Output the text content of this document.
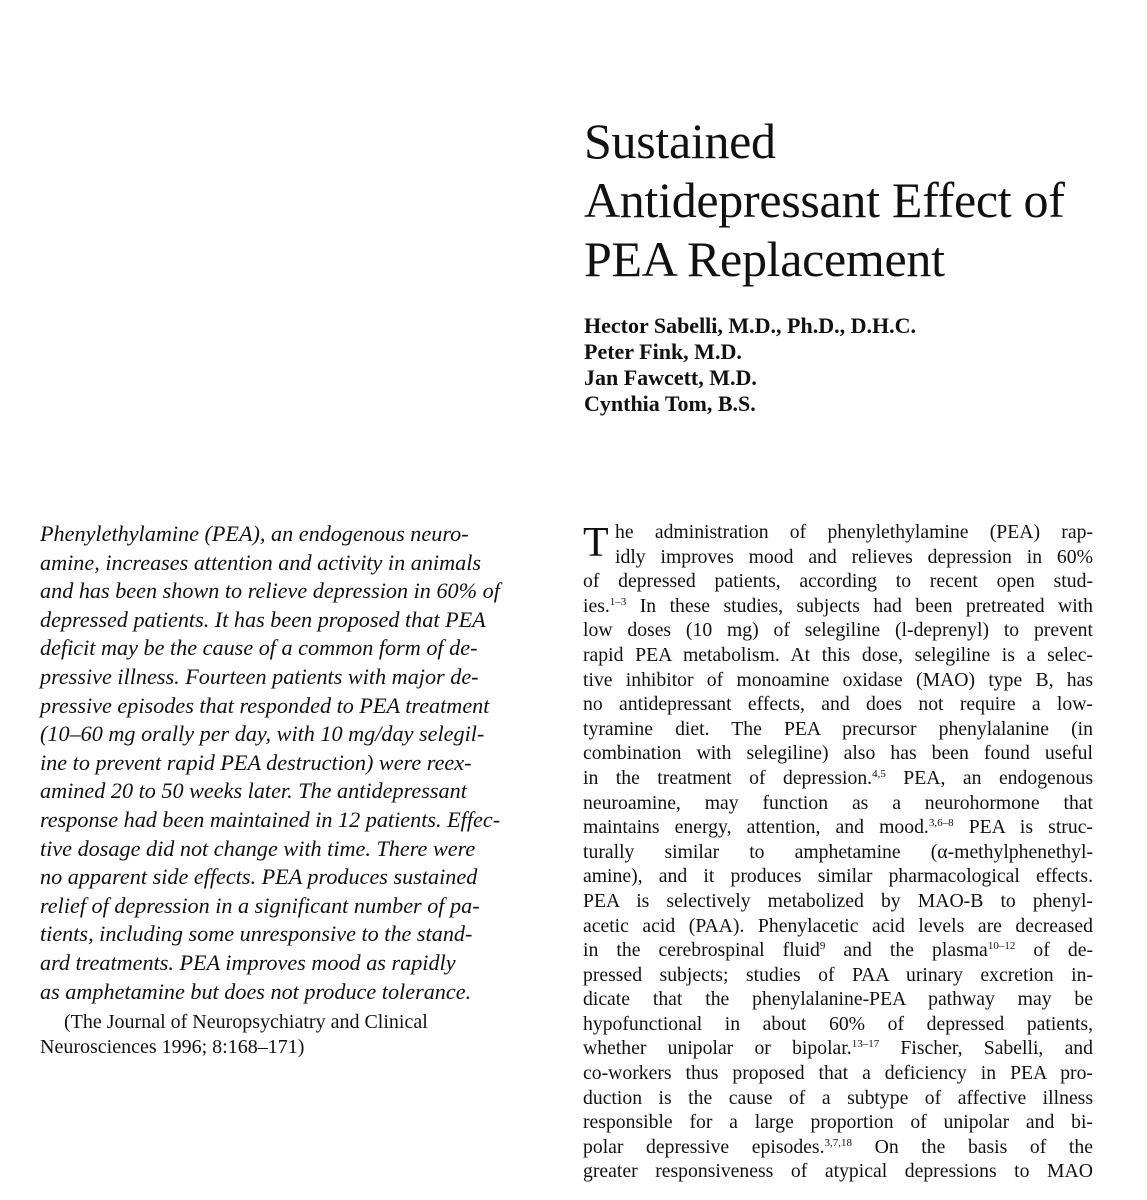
Sustained
Antidepressant Effect of
PEA Replacement
Hector Sabelli, M.D., Ph.D., D.H.C.
Peter Fink, M.D.
Jan Fawcett, M.D.
Cynthia Tom, B.S.

Phenylethylamine (PEA), an endogenous neuro-
amine, increases attention and activity in animals
and has been shown to relieve depression in 60% of
depressed patients. It has been proposed that PEA
deficit may be the cause of a common form of de-
pressive illness. Fourteen patients with major de-
pressive episodes that responded to PEA treatment
(10–60 mg orally per day, with 10 mg/day selegil-
ine to prevent rapid PEA destruction) were reex-
amined 20 to 50 weeks later. The antidepressant
response had been maintained in 12 patients. Effec-
tive dosage did not change with time. There were
no apparent side effects. PEA produces sustained
relief of depression in a significant number of pa-
tients, including some unresponsive to the stand-
ard treatments. PEA improves mood as rapidly
as amphetamine but does not produce tolerance.

(The Journal of Neuropsychiatry and Clinical
Neurosciences 1996; 8:168–171)
T he administration of phenylethylamine (PEA) rap-
idly improves mood and relieves depression in 60%
of depressed patients, according to recent open stud-
ies.$^{1-3}$ In these studies, subjects had been pretreated with
low doses (10 mg) of selegiline (l-deprenyl) to prevent
rapid PEA metabolism. At this dose, selegiline is a selec-
tive inhibitor of monoamine oxidase (MAO) type B, has
no antidepressant effects, and does not require a low-
tyramine diet. The PEA precursor phenylalanine (in
combination with selegiline) also has been found useful
in the treatment of depression.$^{4,5}$ PEA, an endogenous
neuroamine, may function as a neurohormone that
maintains energy, attention, and mood.$^{3,6-8}$ PEA is struc-
turally similar to amphetamine (α-methylphenethyl-
amine), and it produces similar pharmacological effects.
PEA is selectively metabolized by MAO-B to phenyl-
acetic acid (PAA). Phenylacetic acid levels are decreased
in the cerebrospinal fluid$^9$ and the plasma$^{10-12}$ of de-
pressed subjects; studies of PAA urinary excretion in-
dicate that the phenylalanine-PEA pathway may be
hypofunctional in about 60% of depressed patients,
whether unipolar or bipolar.$^{13-17}$ Fischer, Sabelli, and
co-workers thus proposed that a deficiency in PEA pro-
duction is the cause of a subtype of affective illness
responsible for a large proportion of unipolar and bi-
polar depressive episodes.$^{3,7,18}$ On the basis of the
greater responsiveness of atypical depressions to MAO
